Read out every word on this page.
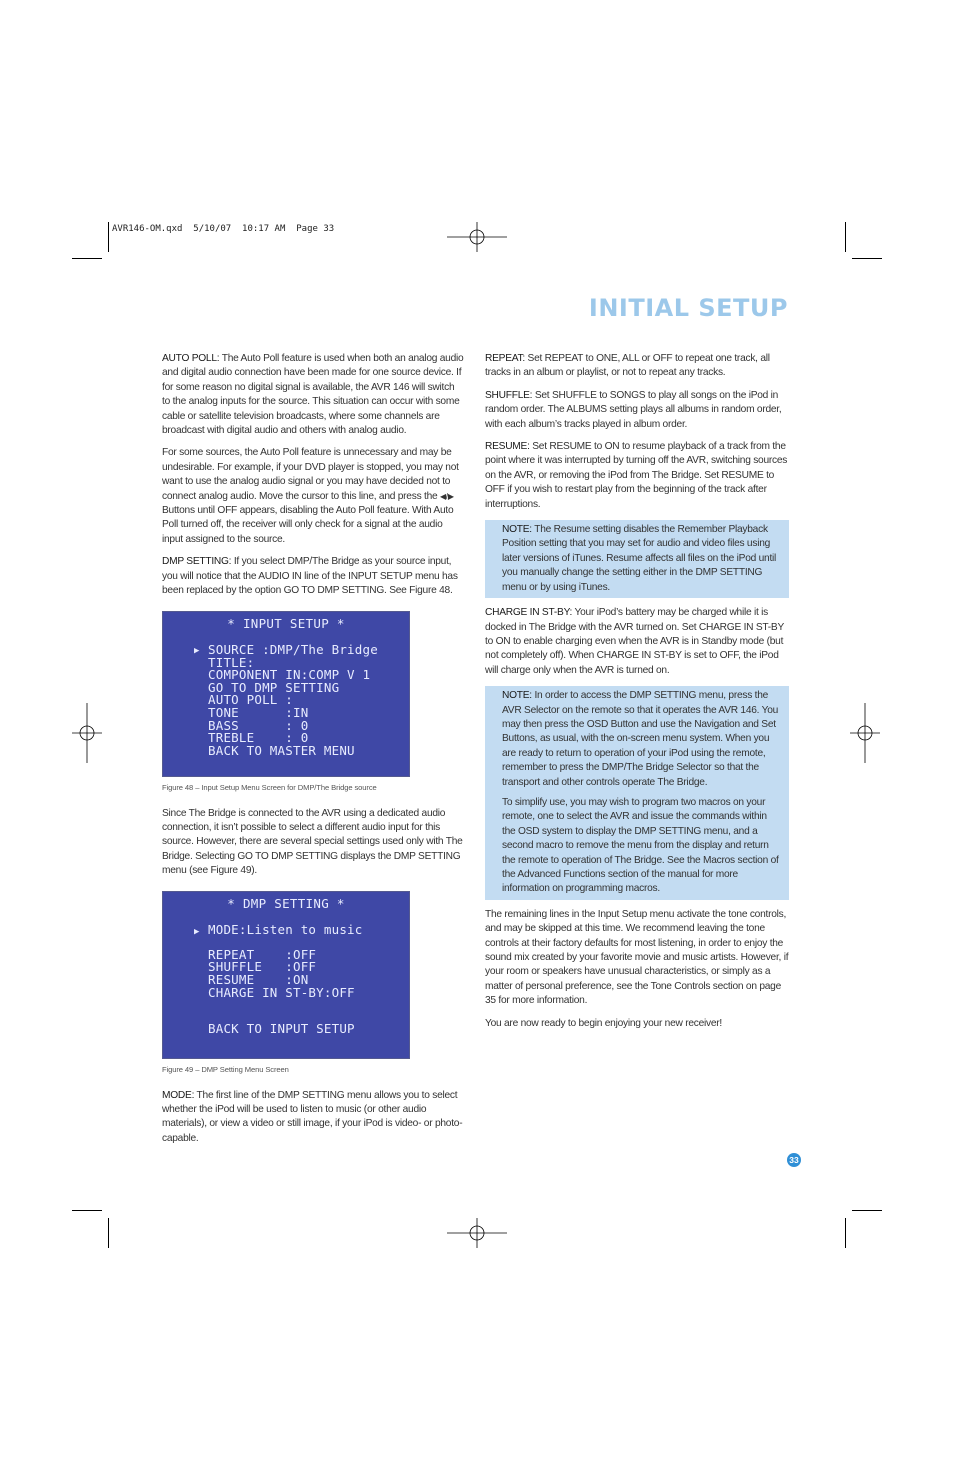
AVR146-OM.qxd  5/10/07  10:17 AM  Page 33
INITIAL SETUP

AUTO POLL: The Auto Poll feature is used when both an analog audio and digital audio connection have been made for one source device. If for some reason no digital signal is available, the AVR 146 will switch to the analog inputs for the source. This situation can occur with some cable or satellite television broadcasts, where some channels are broadcast with digital audio and others with analog audio.

For some sources, the Auto Poll feature is unnecessary and may be undesirable. For example, if your DVD player is stopped, you may not want to use the analog audio signal or you may have decided not to connect analog audio. Move the cursor to this line, and press the ◀/▶ Buttons until OFF appears, disabling the Auto Poll feature. With Auto Poll turned off, the receiver will only check for a signal at the audio input assigned to the source.

DMP SETTING: If you select DMP/The Bridge as your source input, you will notice that the AUDIO IN line of the INPUT SETUP menu has been replaced by the option GO TO DMP SETTING. See Figure 48.

* INPUT SETUP *
▶ SOURCE :DMP/The Bridge
TITLE:
COMPONENT IN:COMP V 1
GO TO DMP SETTING
AUTO POLL :
TONE      :IN
BASS      : 0
TREBLE    : 0
BACK TO MASTER MENU
Figure 48 – Input Setup Menu Screen for DMP/The Bridge source

Since The Bridge is connected to the AVR using a dedicated audio connection, it isn’t possible to select a different audio input for this source. However, there are several special settings used only with The Bridge. Selecting GO TO DMP SETTING displays the DMP SETTING menu (see Figure 49).

* DMP SETTING *
▶ MODE:Listen to music
REPEAT    :OFF
SHUFFLE   :OFF
RESUME    :ON
CHARGE IN ST-BY:OFF
BACK TO INPUT SETUP
Figure 49 – DMP Setting Menu Screen

MODE: The first line of the DMP SETTING menu allows you to select whether the iPod will be used to listen to music (or other audio materials), or view a video or still image, if your iPod is video- or photo-capable.

REPEAT: Set REPEAT to ONE, ALL or OFF to repeat one track, all tracks in an album or playlist, or not to repeat any tracks.

SHUFFLE: Set SHUFFLE to SONGS to play all songs on the iPod in random order. The ALBUMS setting plays all albums in random order, with each album’s tracks played in album order.

RESUME: Set RESUME to ON to resume playback of a track from the point where it was interrupted by turning off the AVR, switching sources on the AVR, or removing the iPod from The Bridge. Set RESUME to OFF if you wish to restart play from the beginning of the track after interruptions.

NOTE: The Resume setting disables the Remember Playback Position setting that you may set for audio and video files using later versions of iTunes. Resume affects all files on the iPod until you manually change the setting either in the DMP SETTING menu or by using iTunes.

CHARGE IN ST-BY: Your iPod’s battery may be charged while it is docked in The Bridge with the AVR turned on. Set CHARGE IN ST-BY to ON to enable charging even when the AVR is in Standby mode (but not completely off). When CHARGE IN ST-BY is set to OFF, the iPod will charge only when the AVR is turned on.

NOTE: In order to access the DMP SETTING menu, press the AVR Selector on the remote so that it operates the AVR 146. You may then press the OSD Button and use the Navigation and Set Buttons, as usual, with the on-screen menu system. When you are ready to return to operation of your iPod using the remote, remember to press the DMP/The Bridge Selector so that the transport and other controls operate The Bridge.

To simplify use, you may wish to program two macros on your remote, one to select the AVR and issue the commands within the OSD system to display the DMP SETTING menu, and a second macro to remove the menu from the display and return the remote to operation of The Bridge. See the Macros section of the Advanced Functions section of the manual for more information on programming macros.

The remaining lines in the Input Setup menu activate the tone controls, and may be skipped at this time. We recommend leaving the tone controls at their factory defaults for most listening, in order to enjoy the sound mix created by your favorite movie and music artists. However, if your room or speakers have unusual characteristics, or simply as a matter of personal preference, see the Tone Controls section on page 35 for more information.

You are now ready to begin enjoying your new receiver!

33
